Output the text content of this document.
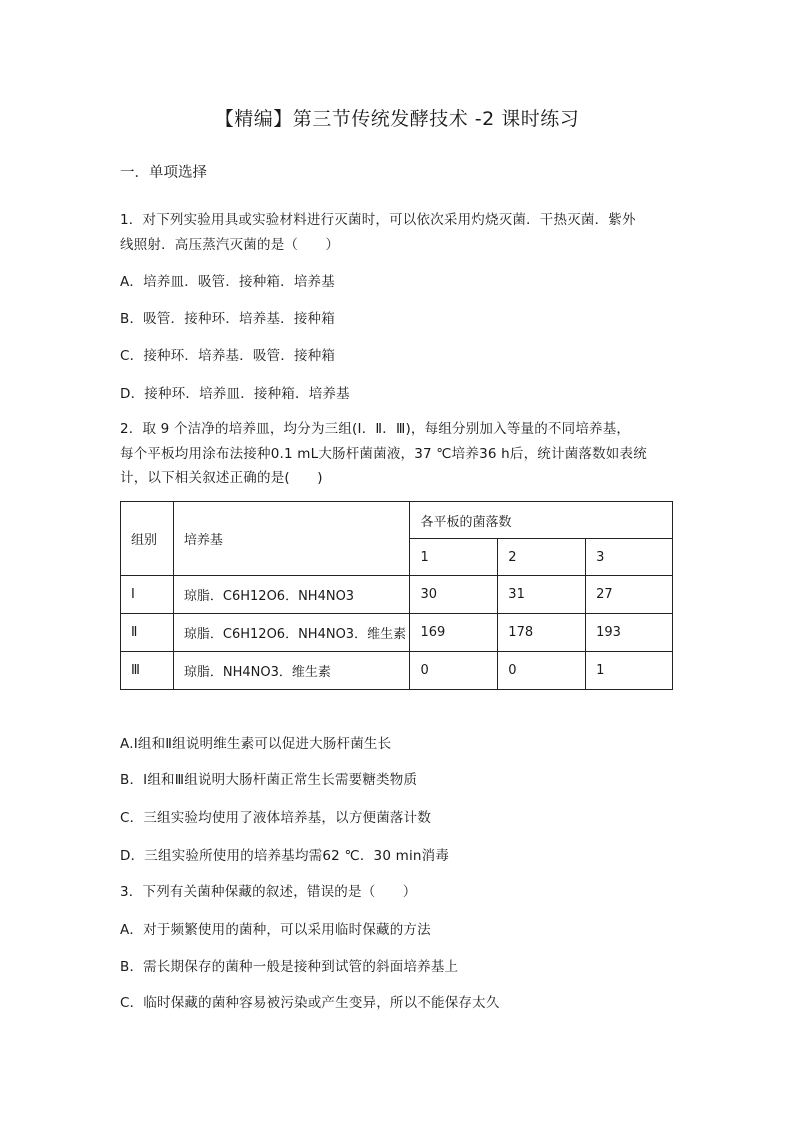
【精编】第三节传统发酵技术 -2 课时练习
一．单项选择
1．对下列实验用具或实验材料进行灭菌时，可以依次采用灼烧灭菌．干热灭菌．紫外
线照射．高压蒸汽灭菌的是（　　）
A．培养皿．吸管．接种箱．培养基
B．吸管．接种环．培养基．接种箱
C．接种环．培养基．吸管．接种箱
D．接种环．培养皿．接种箱．培养基
2．取 9 个洁净的培养皿，均分为三组(Ⅰ．Ⅱ．Ⅲ)，每组分别加入等量的不同培养基，
每个平板均用涂布法接种0.1 mL大肠杆菌菌液，37 ℃培养36 h后，统计菌落数如表统
计，以下相关叙述正确的是(　　)
组别	培养基	各平板的菌落数		
		1	2	3
Ⅰ	琼脂．C6H12O6．NH4NO3	30	31	27
Ⅱ	琼脂．C6H12O6．NH4NO3．维生素	169	178	193
Ⅲ	琼脂．NH4NO3．维生素	0	0	1
A.Ⅰ组和Ⅱ组说明维生素可以促进大肠杆菌生长
B．Ⅰ组和Ⅲ组说明大肠杆菌正常生长需要糖类物质
C．三组实验均使用了液体培养基，以方便菌落计数
D．三组实验所使用的培养基均需62 ℃．30 min消毒
3．下列有关菌种保藏的叙述，错误的是（　　）
A．对于频繁使用的菌种，可以采用临时保藏的方法
B．需长期保存的菌种一般是接种到试管的斜面培养基上
C．临时保藏的菌种容易被污染或产生变异，所以不能保存太久
